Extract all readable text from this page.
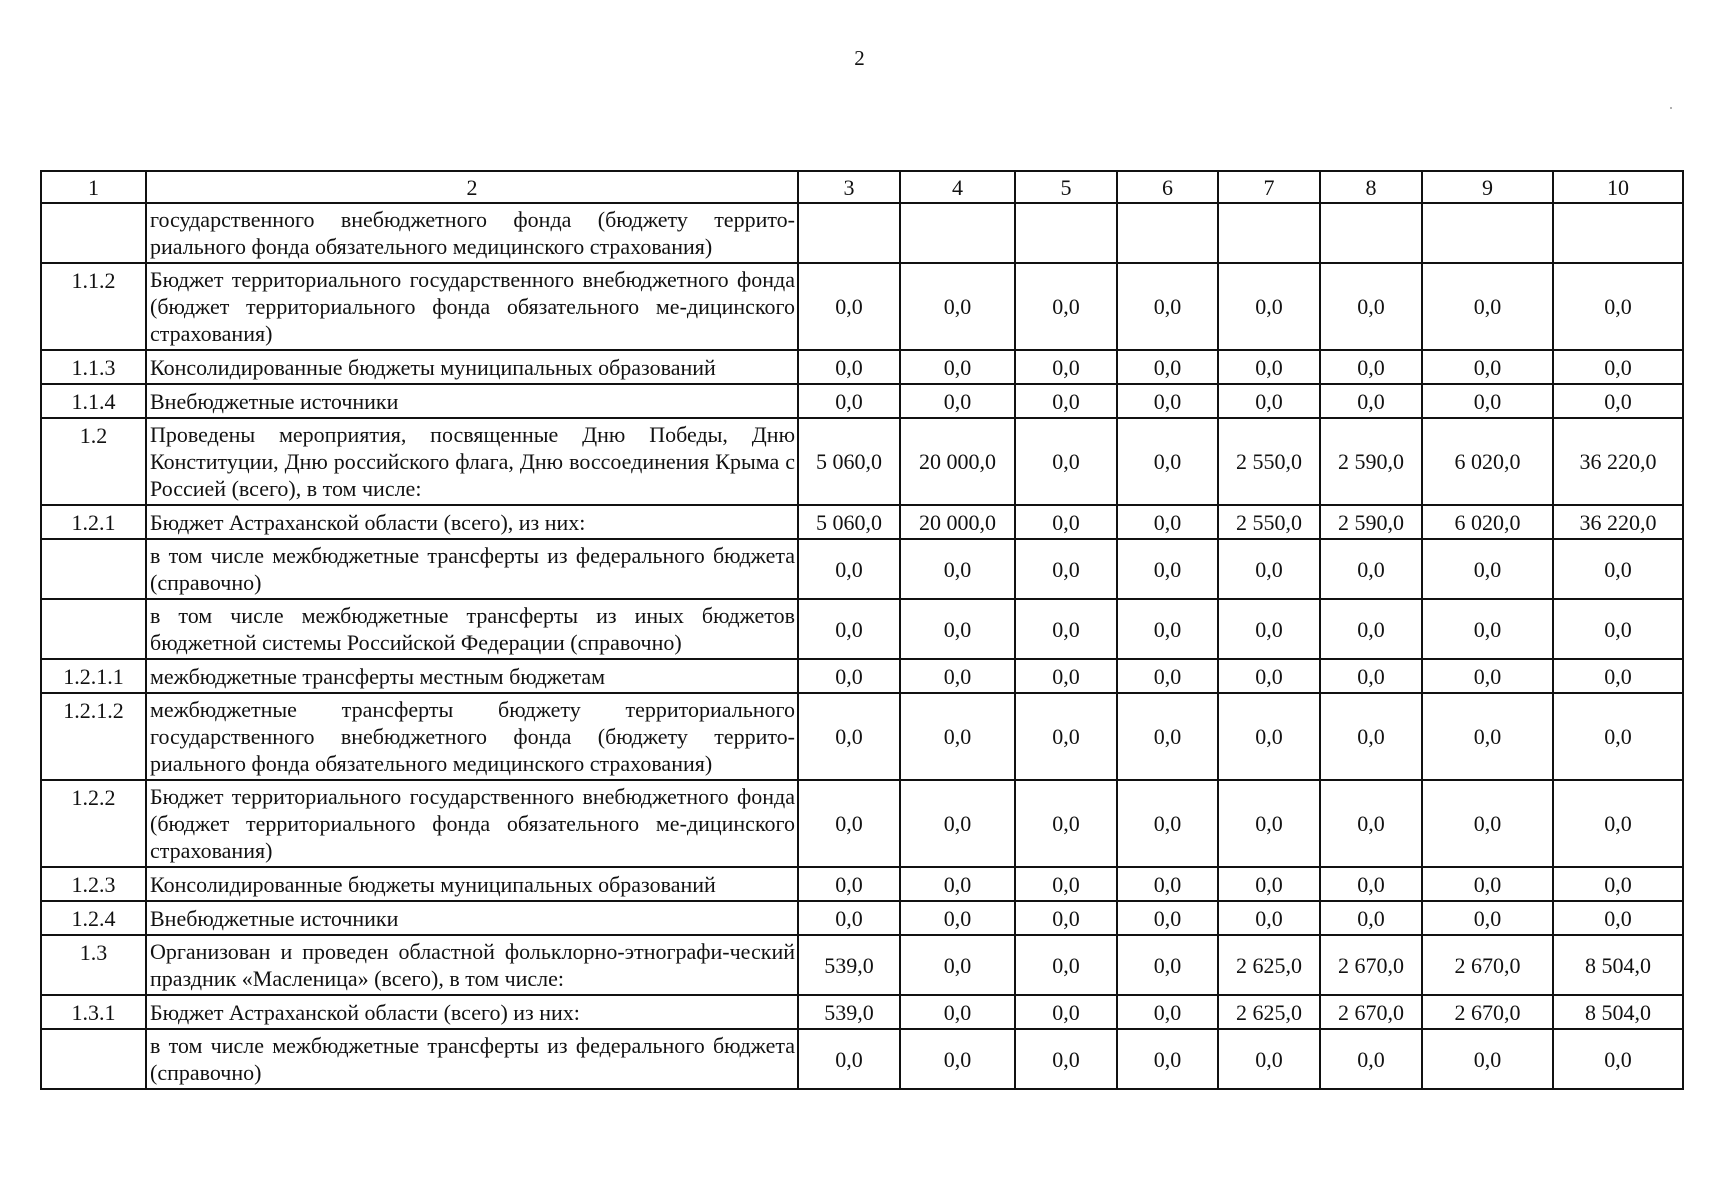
2
1	2	3	4	5	6	7	8	9	10
	государственного внебюджетного фонда (бюджету террито-риального фонда обязательного медицинского страхования)								
1.1.2	Бюджет территориального государственного внебюджетного фонда (бюджет территориального фонда обязательного ме-дицинского страхования)	0,0	0,0	0,0	0,0	0,0	0,0	0,0	0,0
1.1.3	Консолидированные бюджеты муниципальных образований	0,0	0,0	0,0	0,0	0,0	0,0	0,0	0,0
1.1.4	Внебюджетные источники	0,0	0,0	0,0	0,0	0,0	0,0	0,0	0,0
1.2	Проведены мероприятия, посвященные Дню Победы, Дню Конституции, Дню российского флага, Дню воссоединения Крыма с Россией (всего), в том числе:	5 060,0	20 000,0	0,0	0,0	2 550,0	2 590,0	6 020,0	36 220,0
1.2.1	Бюджет Астраханской области (всего), из них:	5 060,0	20 000,0	0,0	0,0	2 550,0	2 590,0	6 020,0	36 220,0
	в том числе межбюджетные трансферты из федерального бюджета (справочно)	0,0	0,0	0,0	0,0	0,0	0,0	0,0	0,0
	в том числе межбюджетные трансферты из иных бюджетов бюджетной системы Российской Федерации (справочно)	0,0	0,0	0,0	0,0	0,0	0,0	0,0	0,0
1.2.1.1	межбюджетные трансферты местным бюджетам	0,0	0,0	0,0	0,0	0,0	0,0	0,0	0,0
1.2.1.2	межбюджетные трансферты бюджету территориального государственного внебюджетного фонда (бюджету террито-риального фонда обязательного медицинского страхования)	0,0	0,0	0,0	0,0	0,0	0,0	0,0	0,0
1.2.2	Бюджет территориального государственного внебюджетного фонда (бюджет территориального фонда обязательного ме-дицинского страхования)	0,0	0,0	0,0	0,0	0,0	0,0	0,0	0,0
1.2.3	Консолидированные бюджеты муниципальных образований	0,0	0,0	0,0	0,0	0,0	0,0	0,0	0,0
1.2.4	Внебюджетные источники	0,0	0,0	0,0	0,0	0,0	0,0	0,0	0,0
1.3	Организован и проведен областной фольклорно-этнографи-ческий праздник «Масленица» (всего), в том числе:	539,0	0,0	0,0	0,0	2 625,0	2 670,0	2 670,0	8 504,0
1.3.1	Бюджет Астраханской области (всего) из них:	539,0	0,0	0,0	0,0	2 625,0	2 670,0	2 670,0	8 504,0
	в том числе межбюджетные трансферты из федерального бюджета (справочно)	0,0	0,0	0,0	0,0	0,0	0,0	0,0	0,0
